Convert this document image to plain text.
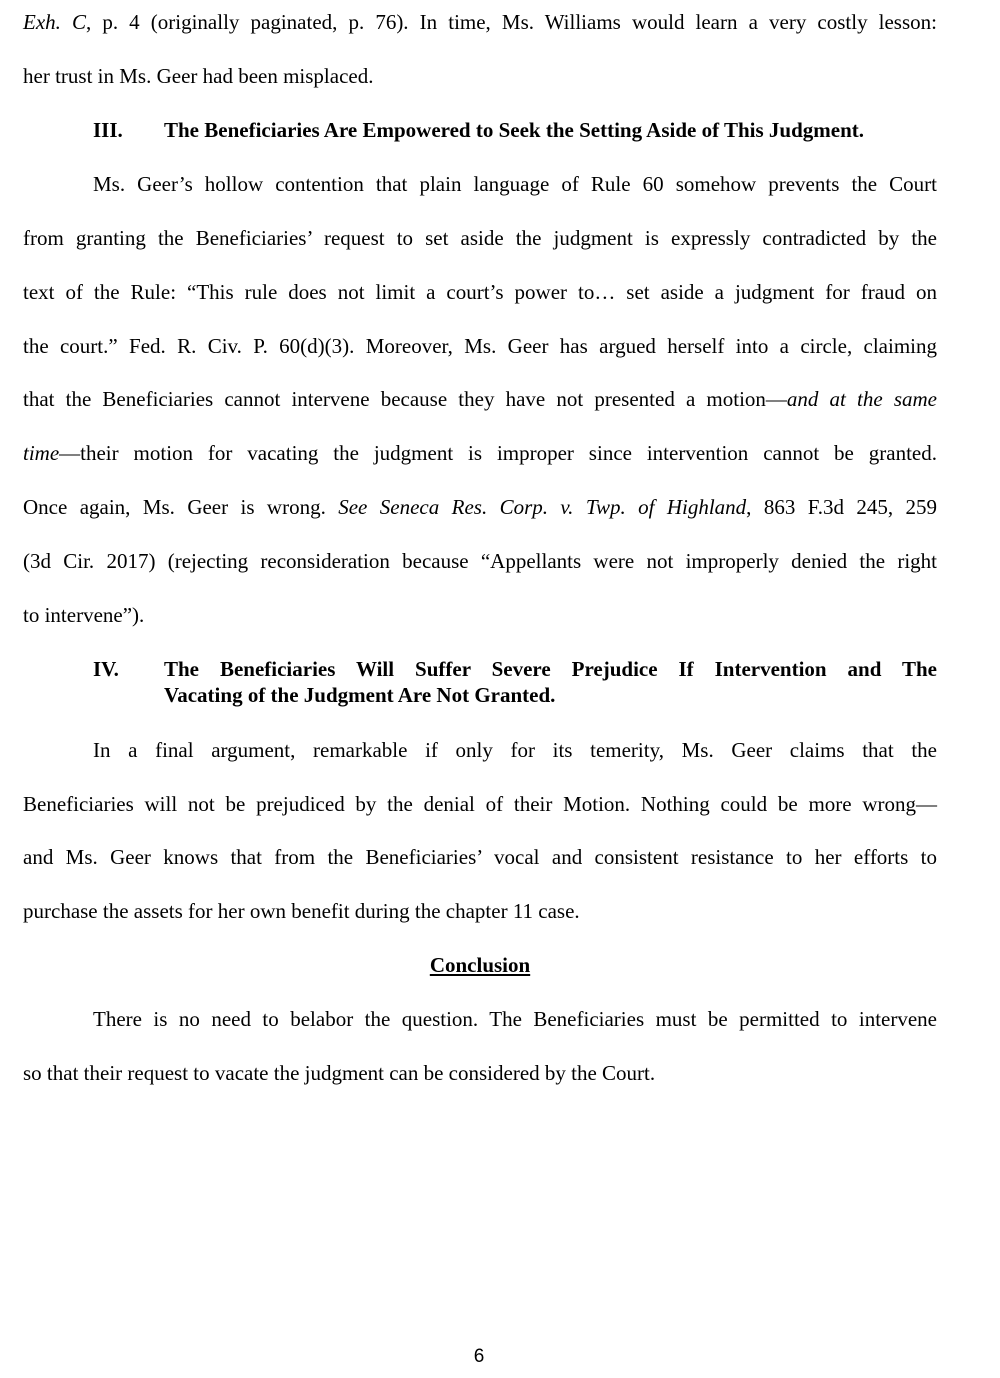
Exh. C, p. 4 (originally paginated, p. 76). In time, Ms. Williams would learn a very costly lesson:
her trust in Ms. Geer had been misplaced.
III. The Beneficiaries Are Empowered to Seek the Setting Aside of This Judgment.
Ms. Geer’s hollow contention that plain language of Rule 60 somehow prevents the Court
from granting the Beneficiaries’ request to set aside the judgment is expressly contradicted by the
text of the Rule: “This rule does not limit a court’s power to… set aside a judgment for fraud on
the court.” Fed. R. Civ. P. 60(d)(3). Moreover, Ms. Geer has argued herself into a circle, claiming
that the Beneficiaries cannot intervene because they have not presented a motion—and at the same
time—their motion for vacating the judgment is improper since intervention cannot be granted.
Once again, Ms. Geer is wrong. See Seneca Res. Corp. v. Twp. of Highland, 863 F.3d 245, 259
(3d Cir. 2017) (rejecting reconsideration because “Appellants were not improperly denied the right
to intervene”).
IV. The Beneficiaries Will Suffer Severe Prejudice If Intervention and The
Vacating of the Judgment Are Not Granted.
In a final argument, remarkable if only for its temerity, Ms. Geer claims that the
Beneficiaries will not be prejudiced by the denial of their Motion. Nothing could be more wrong—
and Ms. Geer knows that from the Beneficiaries’ vocal and consistent resistance to her efforts to
purchase the assets for her own benefit during the chapter 11 case.
Conclusion
There is no need to belabor the question. The Beneficiaries must be permitted to intervene
so that their request to vacate the judgment can be considered by the Court.
6
